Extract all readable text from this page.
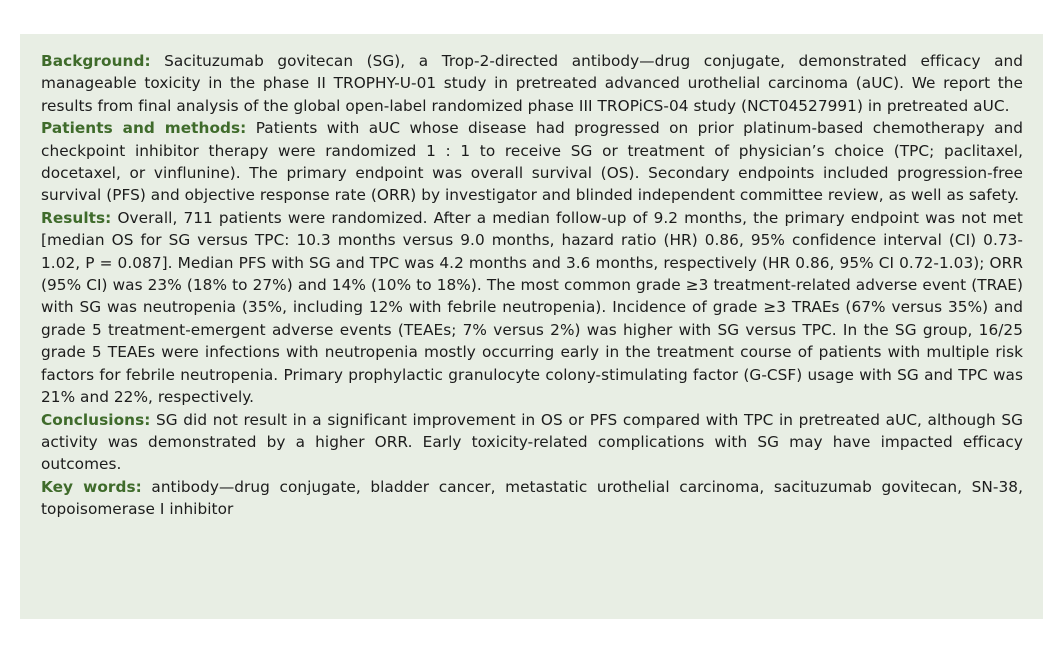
Background: Sacituzumab govitecan (SG), a Trop-2-directed antibody—drug conjugate, demonstrated efficacy and manageable toxicity in the phase II TROPHY-U-01 study in pretreated advanced urothelial carcinoma (aUC). We report the results from final analysis of the global open-label randomized phase III TROPiCS-04 study (NCT04527991) in pretreated aUC.

Patients and methods: Patients with aUC whose disease had progressed on prior platinum-based chemotherapy and checkpoint inhibitor therapy were randomized 1 : 1 to receive SG or treatment of physician’s choice (TPC; paclitaxel, docetaxel, or vinflunine). The primary endpoint was overall survival (OS). Secondary endpoints included progression-free survival (PFS) and objective response rate (ORR) by investigator and blinded independent committee review, as well as safety.

Results: Overall, 711 patients were randomized. After a median follow-up of 9.2 months, the primary endpoint was not met [median OS for SG versus TPC: 10.3 months versus 9.0 months, hazard ratio (HR) 0.86, 95% confidence interval (CI) 0.73-1.02, P = 0.087]. Median PFS with SG and TPC was 4.2 months and 3.6 months, respectively (HR 0.86, 95% CI 0.72-1.03); ORR (95% CI) was 23% (18% to 27%) and 14% (10% to 18%). The most common grade ≥3 treatment-related adverse event (TRAE) with SG was neutropenia (35%, including 12% with febrile neutropenia). Incidence of grade ≥3 TRAEs (67% versus 35%) and grade 5 treatment-emergent adverse events (TEAEs; 7% versus 2%) was higher with SG versus TPC. In the SG group, 16/25 grade 5 TEAEs were infections with neutropenia mostly occurring early in the treatment course of patients with multiple risk factors for febrile neutropenia. Primary prophylactic granulocyte colony-stimulating factor (G-CSF) usage with SG and TPC was 21% and 22%, respectively.

Conclusions: SG did not result in a significant improvement in OS or PFS compared with TPC in pretreated aUC, although SG activity was demonstrated by a higher ORR. Early toxicity-related complications with SG may have impacted efficacy outcomes.

Key words: antibody—drug conjugate, bladder cancer, metastatic urothelial carcinoma, sacituzumab govitecan, SN-38, topoisomerase I inhibitor
